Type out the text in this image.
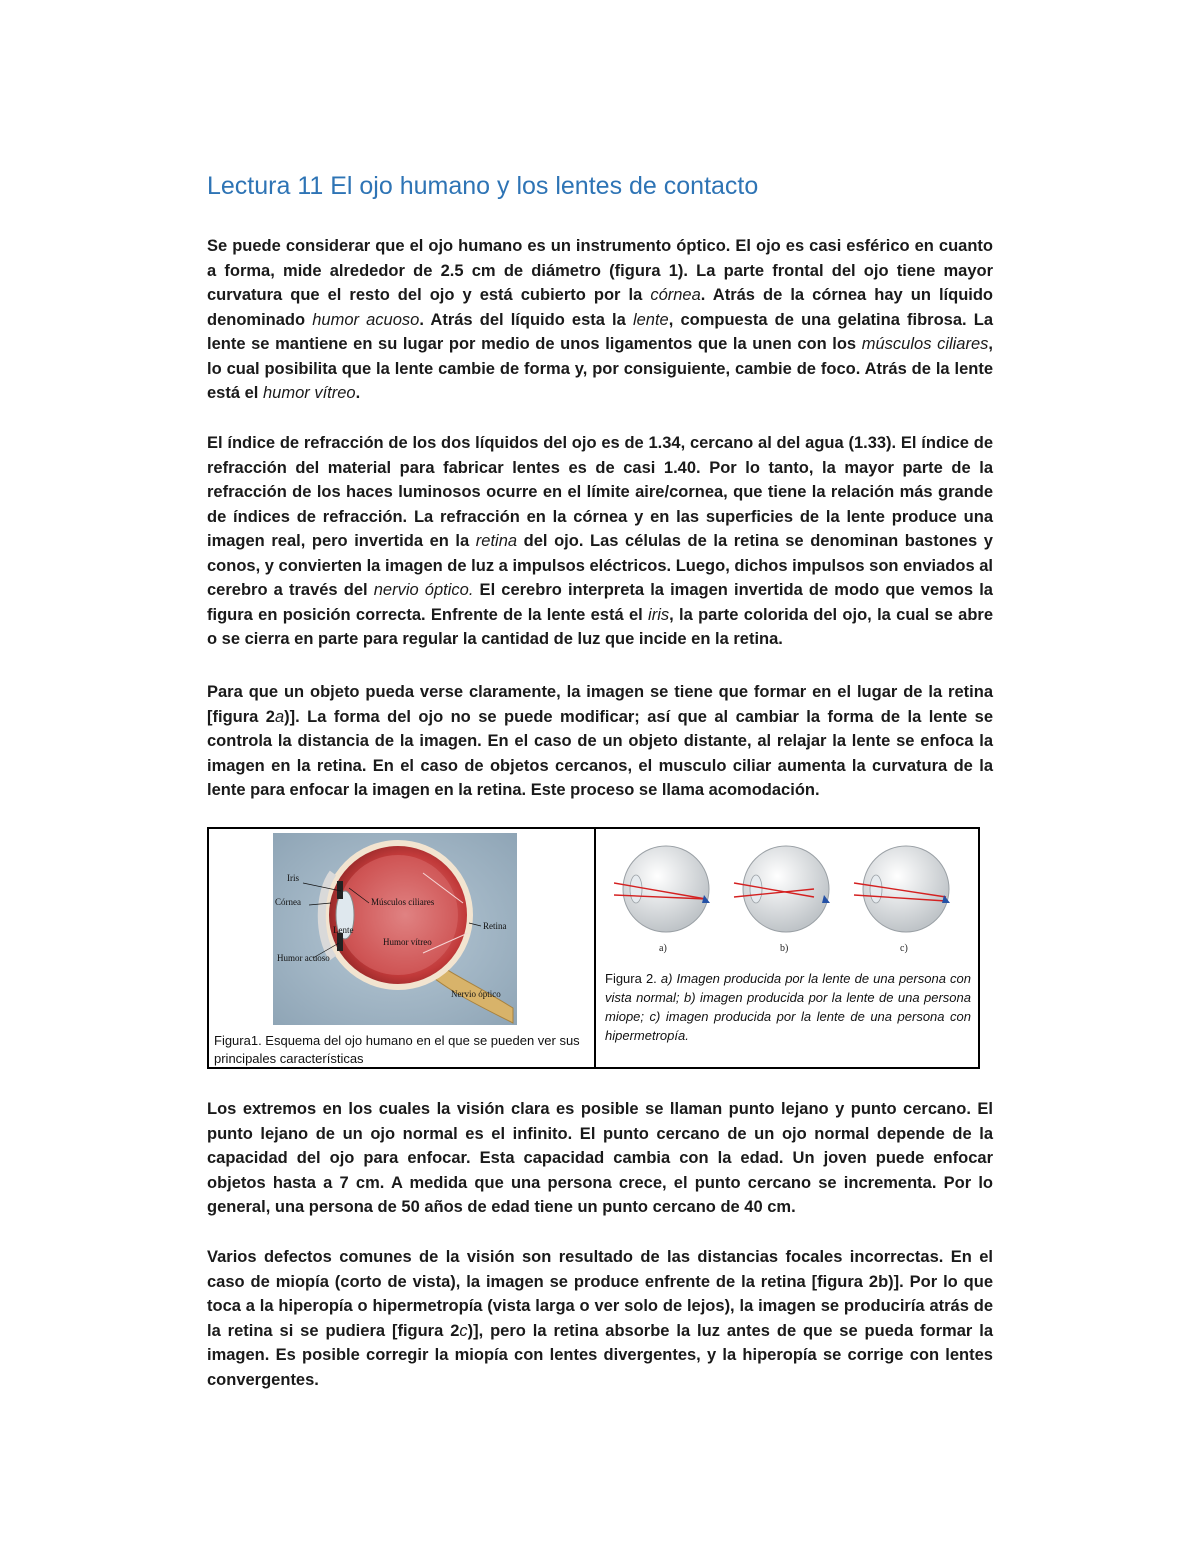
Lectura 11 El ojo humano y los lentes de contacto
Se puede considerar que el ojo humano es un instrumento óptico. El ojo es casi esférico en cuanto a forma, mide alrededor de 2.5 cm de diámetro (figura 1). La parte frontal del ojo tiene mayor curvatura que el resto del ojo y está cubierto por la córnea. Atrás de la córnea hay un líquido denominado humor acuoso. Atrás del líquido esta la lente, compuesta de una gelatina fibrosa. La lente se mantiene en su lugar por medio de unos ligamentos que la unen con los músculos ciliares, lo cual posibilita que la lente cambie de forma y, por consiguiente, cambie de foco. Atrás de la lente está el humor vítreo.
El índice de refracción de los dos líquidos del ojo es de 1.34, cercano al del agua (1.33). El índice de refracción del material para fabricar lentes es de casi 1.40. Por lo tanto, la mayor parte de la refracción de los haces luminosos ocurre en el límite aire/cornea, que tiene la relación más grande de índices de refracción. La refracción en la córnea y en las superficies de la lente produce una imagen real, pero invertida en la retina del ojo. Las células de la retina se denominan bastones y conos, y convierten la imagen de luz a impulsos eléctricos. Luego, dichos impulsos son enviados al cerebro a través del nervio óptico. El cerebro interpreta la imagen invertida de modo que vemos la figura en posición correcta. Enfrente de la lente está el iris, la parte colorida del ojo, la cual se abre o se cierra en parte para regular la cantidad de luz que incide en la retina.
Para que un objeto pueda verse claramente, la imagen se tiene que formar en el lugar de la retina [figura 2a)]. La forma del ojo no se puede modificar; así que al cambiar la forma de la lente se controla la distancia de la imagen. En el caso de un objeto distante, al relajar la lente se enfoca la imagen en la retina. En el caso de objetos cercanos, el musculo ciliar aumenta la curvatura de la lente para enfocar la imagen en la retina. Este proceso se llama acomodación.
Iris
Córnea
Lente
Humor acuoso
Músculos ciliares
Humor vítreo
Retina
Nervio óptico
Figura1. Esquema del ojo humano en el que se pueden ver sus principales características
a)	b)	c)
Figura 2. a) Imagen producida por la lente de una persona con vista normal; b) imagen producida por la lente de una persona miope; c) imagen producida por la lente de una persona con hipermetropía.
Los extremos en los cuales la visión clara es posible se llaman punto lejano y punto cercano. El punto lejano de un ojo normal es el infinito. El punto cercano de un ojo normal depende de la capacidad del ojo para enfocar. Esta capacidad cambia con la edad. Un joven puede enfocar objetos hasta a 7 cm. A medida que una persona crece, el punto cercano se incrementa. Por lo general, una persona de 50 años de edad tiene un punto cercano de 40 cm.
Varios defectos comunes de la visión son resultado de las distancias focales incorrectas. En el caso de miopía (corto de vista), la imagen se produce enfrente de la retina [figura 2b)]. Por lo que toca a la hiperopía o hipermetropía (vista larga o ver solo de lejos), la imagen se produciría atrás de la retina si se pudiera [figura 2c)], pero la retina absorbe la luz antes de que se pueda formar la imagen. Es posible corregir la miopía con lentes divergentes, y la hiperopía se corrige con lentes convergentes.
